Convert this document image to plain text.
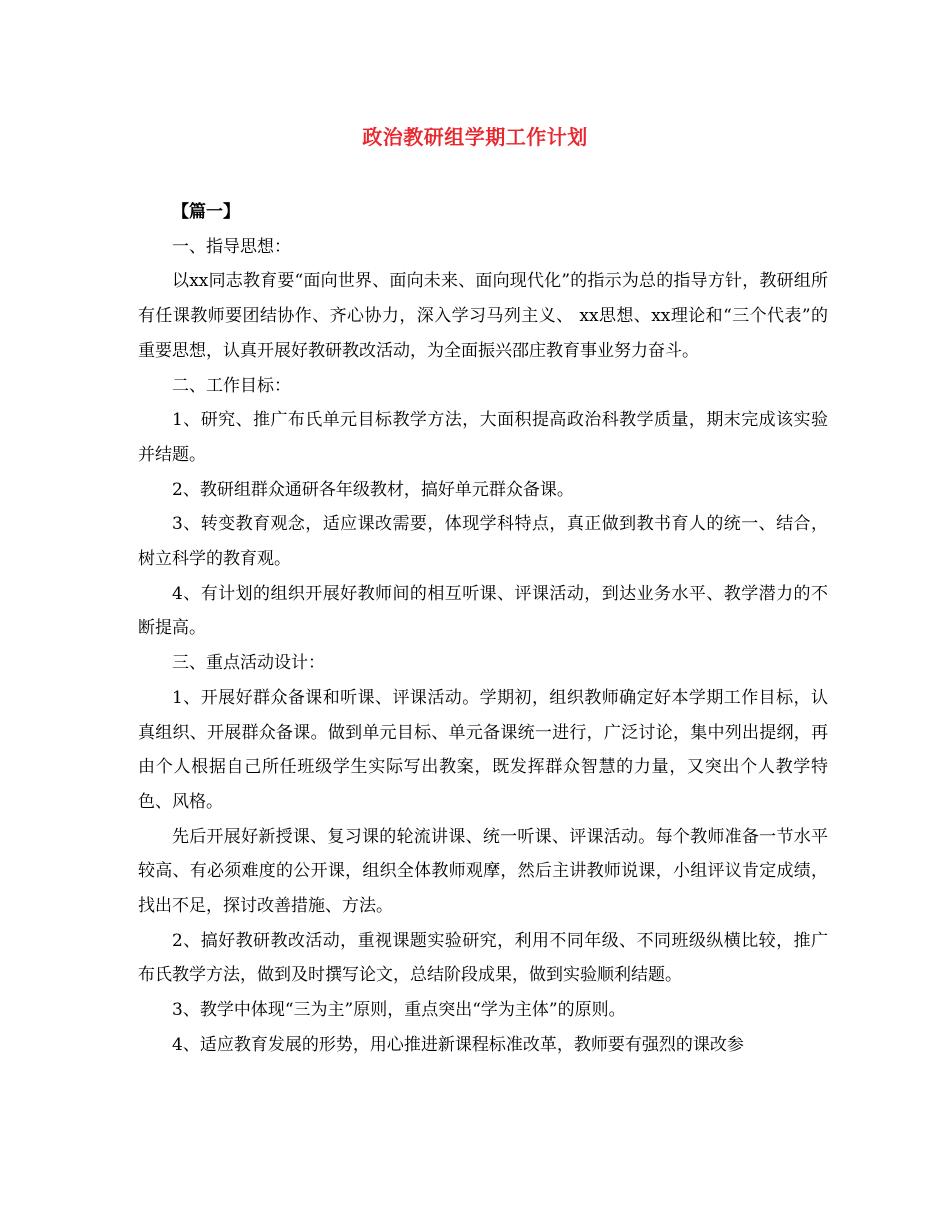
政治教研组学期工作计划

【篇一】

一、指导思想：

以xx同志教育要“面向世界、面向未来、面向现代化”的指示为总的指导方针，教研组所有任课教师要团结协作、齐心协力，深入学习马列主义、 xx思想、xx理论和“三个代表”的重要思想，认真开展好教研教改活动，为全面振兴邵庄教育事业努力奋斗。

二、工作目标：

1、研究、推广布氏单元目标教学方法，大面积提高政治科教学质量，期末完成该实验并结题。

2、教研组群众通研各年级教材，搞好单元群众备课。

3、转变教育观念，适应课改需要，体现学科特点，真正做到教书育人的统一、结合，树立科学的教育观。

4、有计划的组织开展好教师间的相互听课、评课活动，到达业务水平、教学潜力的不断提高。

三、重点活动设计：

1、开展好群众备课和听课、评课活动。学期初，组织教师确定好本学期工作目标，认真组织、开展群众备课。做到单元目标、单元备课统一进行，广泛讨论，集中列出提纲，再由个人根据自己所任班级学生实际写出教案，既发挥群众智慧的力量，又突出个人教学特色、风格。

先后开展好新授课、复习课的轮流讲课、统一听课、评课活动。每个教师准备一节水平较高、有必须难度的公开课，组织全体教师观摩，然后主讲教师说课，小组评议肯定成绩，找出不足，探讨改善措施、方法。

2、搞好教研教改活动，重视课题实验研究，利用不同年级、不同班级纵横比较，推广布氏教学方法，做到及时撰写论文，总结阶段成果，做到实验顺利结题。

3、教学中体现“三为主”原则，重点突出“学为主体”的原则。

4、适应教育发展的形势，用心推进新课程标准改革，教师要有强烈的课改参
